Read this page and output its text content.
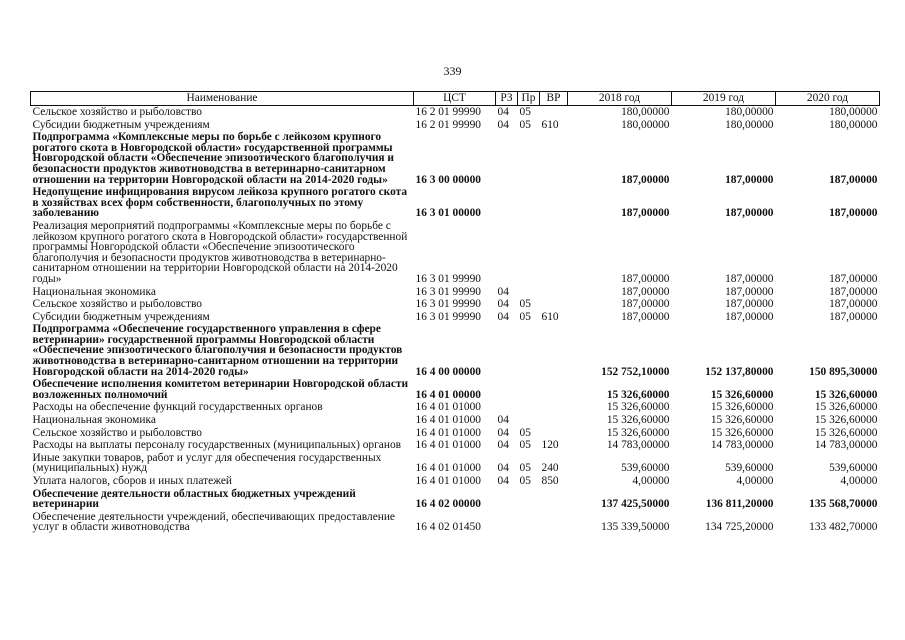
339
Наименование	ЦСТ	РЗ	Пр	ВР	2018 год	2019 год	2020 год
Сельское хозяйство и рыболовство	16 2 01 99990	04	05		180,00000	180,00000	180,00000
Субсидии бюджетным учреждениям	16 2 01 99990	04	05	610	180,00000	180,00000	180,00000
Подпрограмма «Комплексные меры по борьбе с лейкозом крупного рогатого скота в Новгородской области» государственной программы Новгородской области «Обеспечение эпизоотического благополучия и безопасности продуктов животноводства в ветеринарно-санитарном отношении на территории Новгородской области на 2014-2020 годы»	16 3 00 00000				187,00000	187,00000	187,00000
Недопущение инфицирования вирусом лейкоза крупного рогатого скота в хозяйствах всех форм собственности, благополучных по этому заболеванию	16 3 01 00000				187,00000	187,00000	187,00000
Реализация мероприятий подпрограммы «Комплексные меры по борьбе с лейкозом крупного рогатого скота в Новгородской области» государственной программы Новгородской области «Обеспечение эпизоотического благополучия и безопасности продуктов животноводства в ветеринарно-санитарном отношении на территории Новгородской области на 2014-2020 годы»	16 3 01 99990				187,00000	187,00000	187,00000
Национальная экономика	16 3 01 99990	04			187,00000	187,00000	187,00000
Сельское хозяйство и рыболовство	16 3 01 99990	04	05		187,00000	187,00000	187,00000
Субсидии бюджетным учреждениям	16 3 01 99990	04	05	610	187,00000	187,00000	187,00000
Подпрограмма «Обеспечение государственного управления в сфере ветеринарии» государственной программы Новгородской области «Обеспечение эпизоотического благополучия и безопасности продуктов животноводства в ветеринарно-санитарном отношении на территории Новгородской области на 2014-2020 годы»	16 4 00 00000				152 752,10000	152 137,80000	150 895,30000
Обеспечение исполнения комитетом ветеринарии Новгородской области возложенных полномочий	16 4 01 00000				15 326,60000	15 326,60000	15 326,60000
Расходы на обеспечение функций государственных органов	16 4 01 01000				15 326,60000	15 326,60000	15 326,60000
Национальная экономика	16 4 01 01000	04			15 326,60000	15 326,60000	15 326,60000
Сельское хозяйство и рыболовство	16 4 01 01000	04	05		15 326,60000	15 326,60000	15 326,60000
Расходы на выплаты персоналу государственных (муниципальных) органов	16 4 01 01000	04	05	120	14 783,00000	14 783,00000	14 783,00000
Иные закупки товаров, работ и услуг для обеспечения государственных (муниципальных) нужд	16 4 01 01000	04	05	240	539,60000	539,60000	539,60000
Уплата налогов, сборов и иных платежей	16 4 01 01000	04	05	850	4,00000	4,00000	4,00000
Обеспечение деятельности областных бюджетных учреждений ветеринарии	16 4 02 00000				137 425,50000	136 811,20000	135 568,70000
Обеспечение деятельности учреждений, обеспечивающих предоставление услуг в области животноводства	16 4 02 01450				135 339,50000	134 725,20000	133 482,70000
